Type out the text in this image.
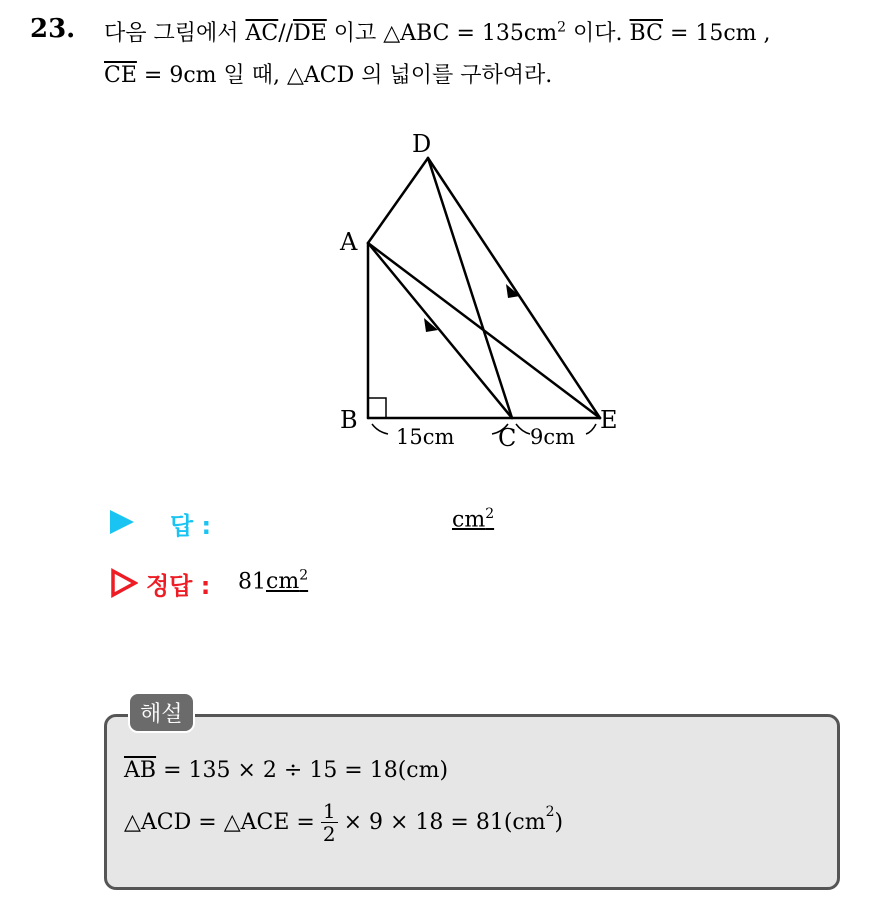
23. 다음 그림에서 $\overline{AC}//\overline{DE}$ 이고 △ABC = $135cm^2$ 이다. $\overline{BC} = 15cm$ ,
$\overline{CE} = 9cm$ 일 때, △ACD 의 넓이를 구하여라.
D
A
B
C
E
15cm	9cm
답 :	$cm^2$
정답 : $81cm^2$
해설
$\overline{AB} = 135 \times 2 \div 15 = 18(cm)$
△ACD = △ACE = $\frac{1}{2} \times 9 \times 18 = 81(cm^2$ )
